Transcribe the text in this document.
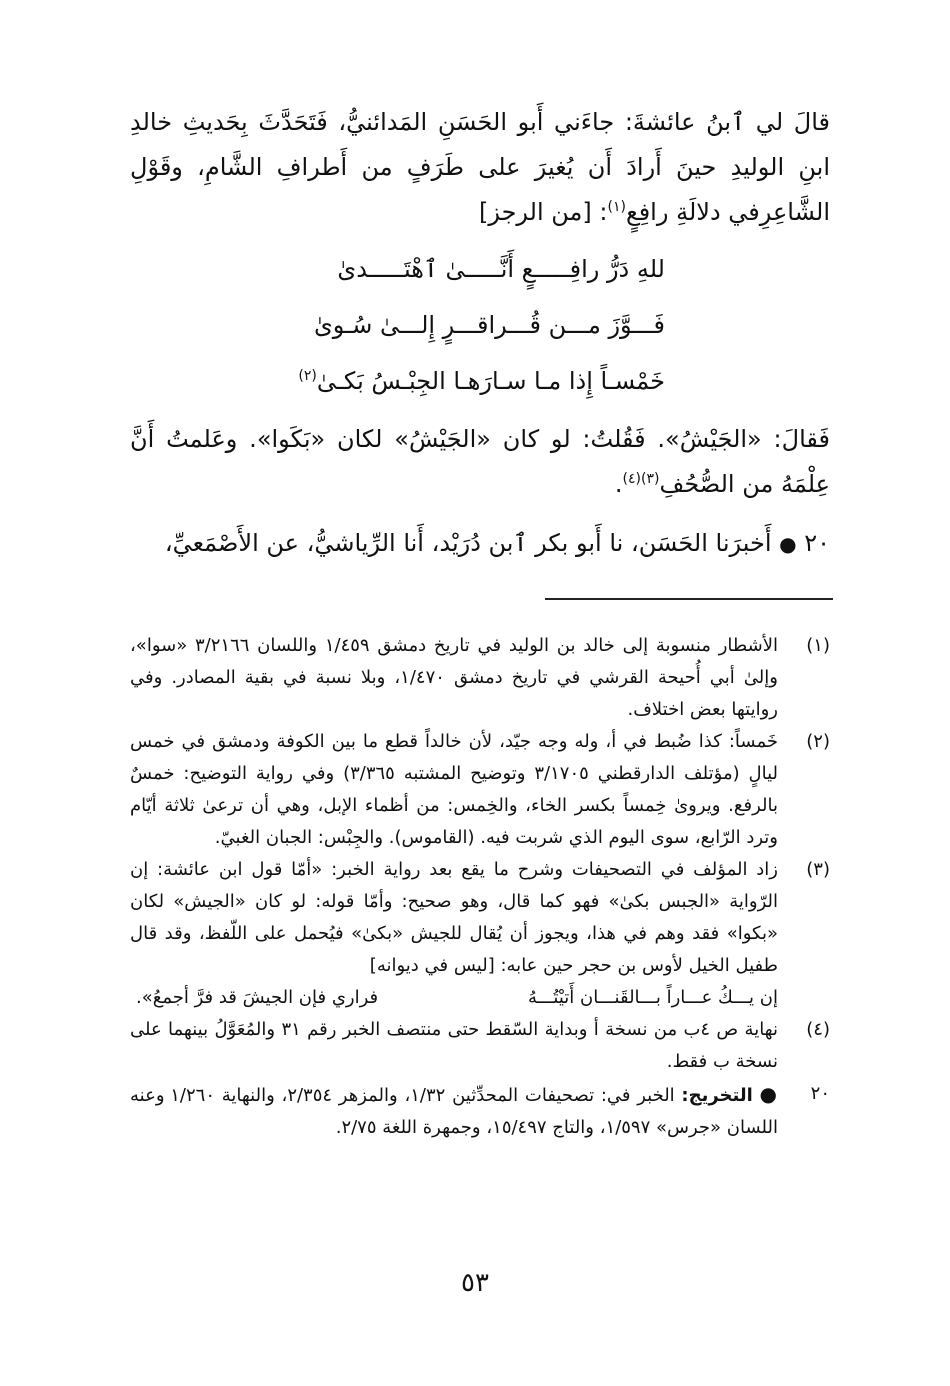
قالَ لي ٱبنُ عائشةَ: جاءَني أَبو الحَسَنِ المَدائنيُّ، فَتَحَدَّثَ بِحَديثِ خالدِ ابنِ الوليدِ حينَ أَرادَ أَن يُغيرَ على طَرَفٍ من أَطرافِ الشَّامِ، وقَوْلِ الشَّاعِرِفي دلالَةِ رافِعٍ$^{(١)}$: [من الرجز]

للهِ دَرُّ رافِـــــعٍ أَنَّـــــىٰ ٱهْتَـــــدىٰ
فَـــوَّزَ مـــن قُـــراقـــرٍ إِلـــىٰ سُـوىٰ
خَمْسـاً إِذا مـا سـارَهـا الجِبْـسُ بَكـىٰ$^{(٢)}$

فَقالَ: «الجَيْشُ». فَقُلتُ: لو كان «الجَيْشُ» لكان «بَكَوا». وعَلمتُ أَنَّ عِلْمَهُ من الصُّحُفِ$^{(٣)(٤)}$.

٢٠ ● أَخبرَنا الحَسَن، نا أَبو بكر ٱبن دُرَيْد، أَنا الرِّياشيُّ، عن الأَصْمَعيِّ،
(١)
الأشطار منسوبة إلى خالد بن الوليد في تاريخ دمشق ١/٤٥٩ واللسان ٣/٢١٦٦ «سوا»، وإلىٰ أبي أُحيحة القرشي في تاريخ دمشق ١/٤٧٠، وبلا نسبة في بقية المصادر. وفي روايتها بعض اختلاف.
(٢)
خَمساً: كذا ضُبط في أ، وله وجه جيّد، لأن خالداً قطع ما بين الكوفة ودمشق في خمس ليالٍ (مؤتلف الدارقطني ٣/١٧٠٥ وتوضيح المشتبه ٣/٣٦٥) وفي رواية التوضيح: خمسٌ بالرفع. ويروىٰ خِمساً بكسر الخاء، والخِمس: من أظماء الإبل، وهي أن ترعىٰ ثلاثة أيّام وترد الرّابع، سوى اليوم الذي شربت فيه. (القاموس). والجِبْس: الجبان الغبيّ.
(٣)
زاد المؤلف في التصحيفات وشرح ما يقع بعد رواية الخبر: «أمّا قول ابن عائشة: إن الرّواية «الجبس بكىٰ» فهو كما قال، وهو صحيح: وأمّا قوله: لو كان «الجيش» لكان «بكوا» فقد وهم في هذا، ويجوز أن يُقال للجيش «بكىٰ» فيُحمل على اللّفظ، وقد قال طفيل الخيل لأوس بن حجر حين عابه: [ليس في ديوانه]
إن يـــكُ عـــاراً بـــالقَنـــان أَتيْتُـــهُ
فراري فإن الجيشَ قد فرَّ أجمعُ».
(٤)
نهاية ص ٤ب من نسخة أ وبداية السّقط حتى منتصف الخبر رقم ٣١ والمُعَوَّلُ بينهما على نسخة ب فقط.
٢٠
● التخريج: الخبر في: تصحيفات المحدِّثين ١/٣٢، والمزهر ٢/٣٥٤، والنهاية ١/٢٦٠ وعنه اللسان «جرس» ١/٥٩٧، والتاج ١٥/٤٩٧، وجمهرة اللغة ٢/٧٥.
٥٣
